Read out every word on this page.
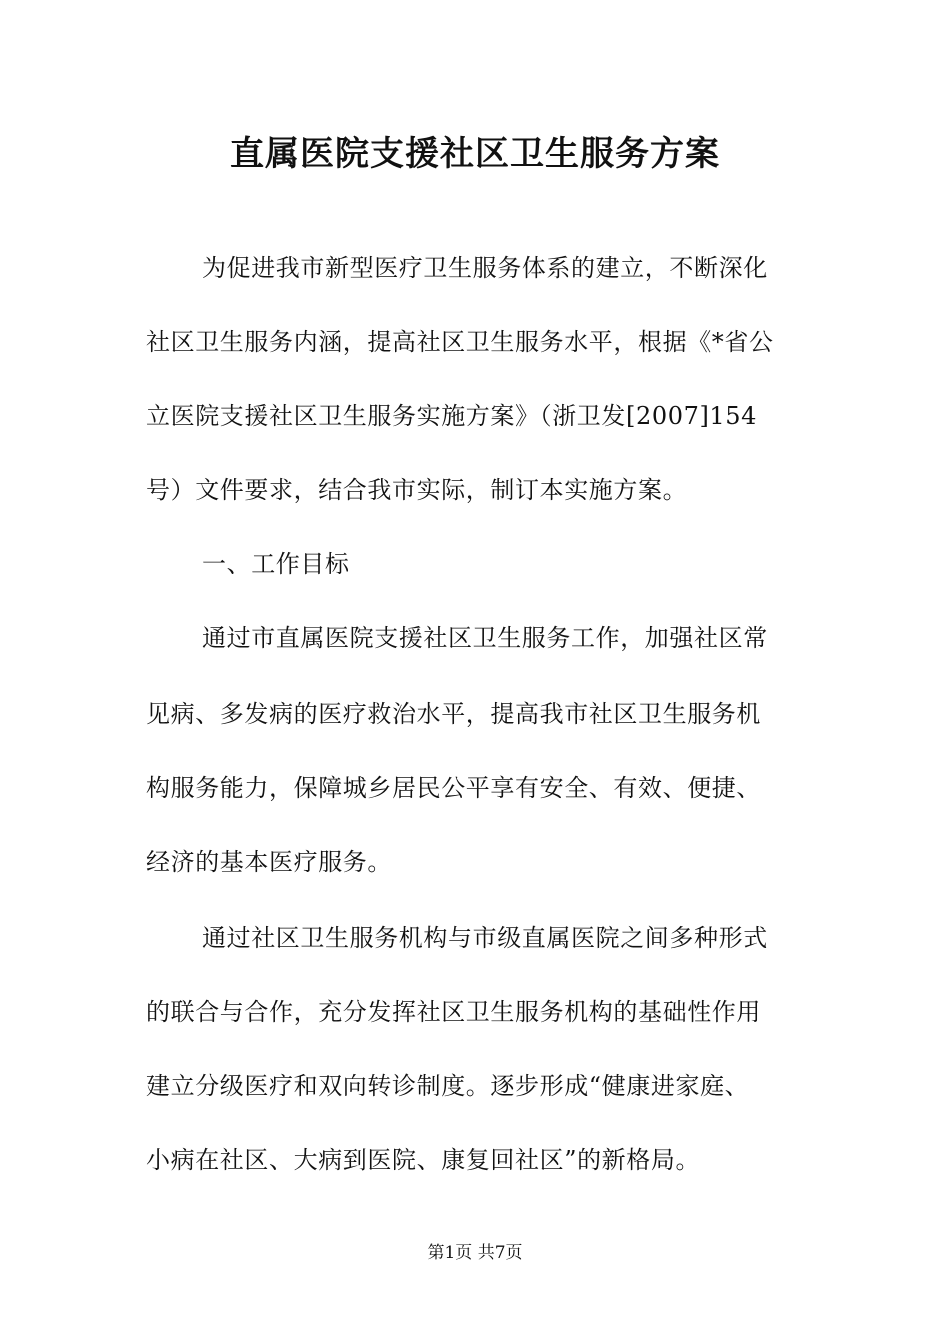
直属医院支援社区卫生服务方案
为促进我市新型医疗卫生服务体系的建立，不断深化
社区卫生服务内涵，提高社区卫生服务水平，根据《*省公
立医院支援社区卫生服务实施方案》（浙卫发[2007]154
号）文件要求，结合我市实际，制订本实施方案。
一、工作目标
通过市直属医院支援社区卫生服务工作，加强社区常
见病、多发病的医疗救治水平，提高我市社区卫生服务机
构服务能力，保障城乡居民公平享有安全、有效、便捷、
经济的基本医疗服务。
通过社区卫生服务机构与市级直属医院之间多种形式
的联合与合作，充分发挥社区卫生服务机构的基础性作用
建立分级医疗和双向转诊制度。逐步形成“健康进家庭、
小病在社区、大病到医院、康复回社区”的新格局。
第1页 共7页
